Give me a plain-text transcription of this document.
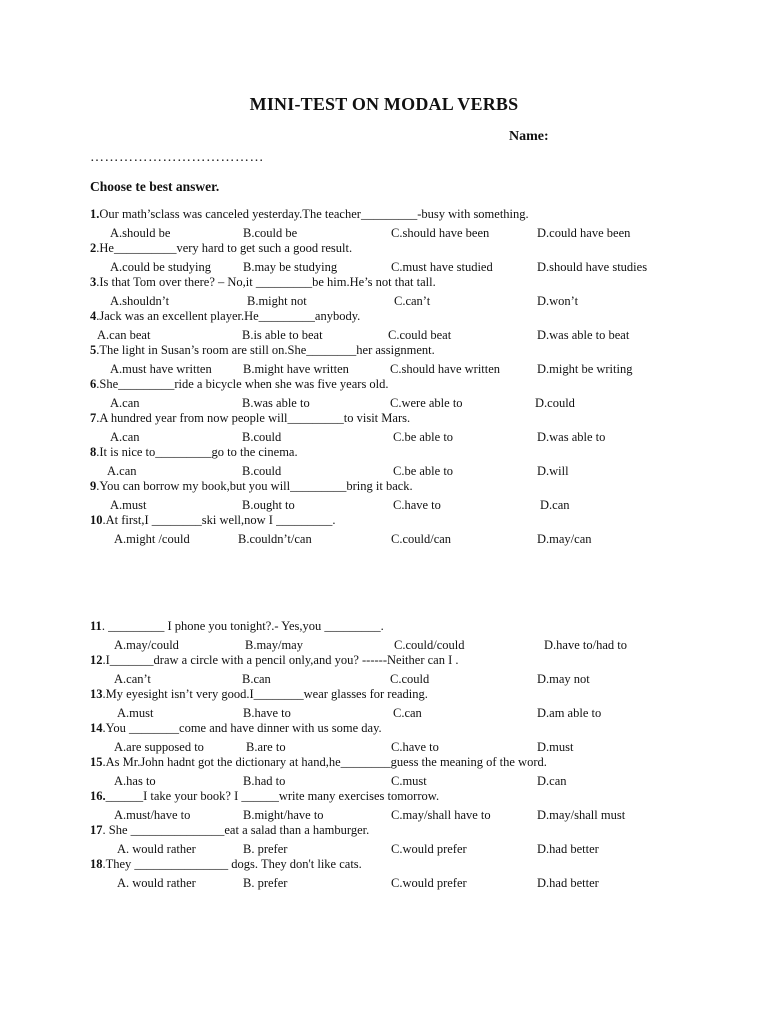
MINI-TEST ON MODAL VERBS
Name:
………………………………
Choose te best answer.
1.Our math’sclass was canceled yesterday.The teacher_________-busy with something.
A.should be	B.could be	C.should have been	D.could have been
2.He__________very hard to get such a good result.
A.could be studying	B.may be studying	C.must have studied	D.should have studies
3.Is that Tom over there? – No,it _________be him.He’s not that tall.
A.shouldn’t	B.might not	C.can’t	D.won’t
4.Jack was an excellent player.He_________anybody.
A.can beat	B.is able to beat	C.could beat	D.was able to beat
5.The light in Susan’s room are still on.She________her assignment.
A.must have written	B.might have written	C.should have written	D.might be writing
6.She_________ride a bicycle when she was five years old.
A.can	B.was able to	C.were able to	D.could
7.A hundred year from now people will_________to visit Mars.
A.can	B.could	C.be able to	D.was able to
8.It is nice to_________go to the cinema.
A.can	B.could	C.be able to	D.will
9.You can borrow my book,but you will_________bring it back.
A.must	B.ought to	C.have to	D.can
10.At first,I ________ski well,now I _________.
A.might /could	B.couldn’t/can	C.could/can	D.may/can
11. _________ I phone you tonight?.- Yes,you _________.
A.may/could	B.may/may	C.could/could	D.have to/had to
12.I_______draw a circle with a pencil only,and you? ------Neither can I .
A.can’t	B.can	C.could	D.may not
13.My eyesight isn’t very good.I________wear glasses for reading.
A.must	B.have to	C.can	D.am able to
14.You ________come and have dinner with us some day.
A.are supposed to	B.are to	C.have to	D.must
15.As Mr.John hadnt got the dictionary at hand,he________guess the meaning of the word.
A.has to	B.had to	C.must	D.can
16.______I take your book? I ______write many exercises tomorrow.
A.must/have to	B.might/have to	C.may/shall have to	D.may/shall must
17. She _______________eat a salad than a hamburger.
A. would rather	B. prefer	C.would prefer	D.had better
18.They _______________ dogs. They don't like cats.
A. would rather	B. prefer	C.would prefer	D.had better
